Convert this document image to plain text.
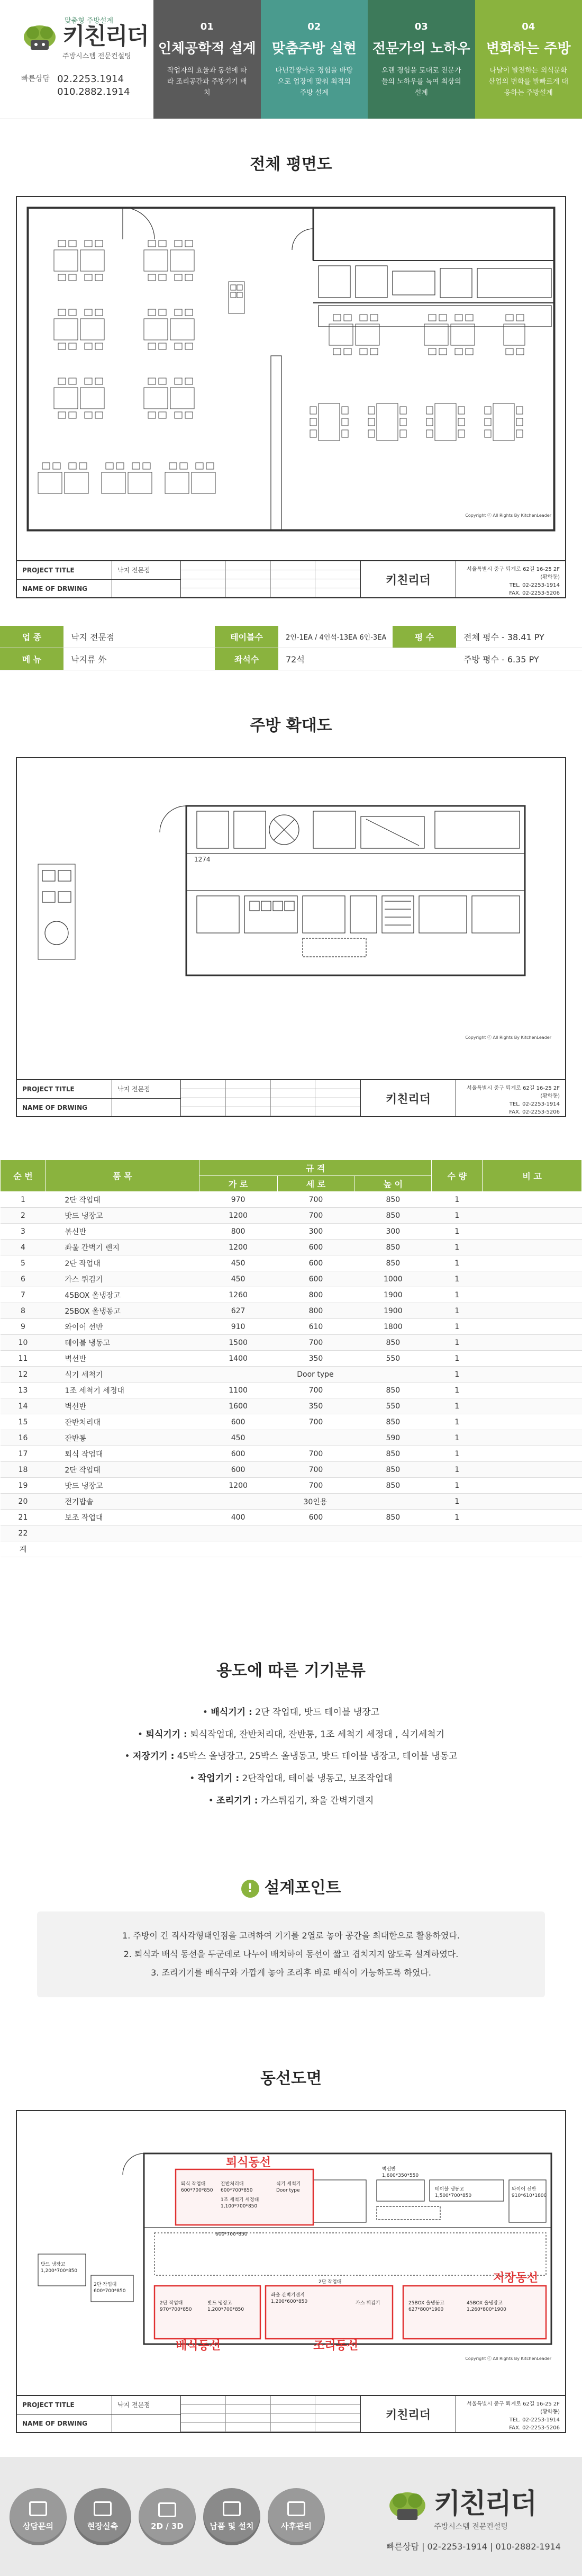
맞춤형 주방설계
키친리더
주방시스템 전문컨설팅
빠른상담 02.2253.1914
010.2882.1914
01
인체공학적 설계
작업자의 효율과 동선에 따라 조리공간과 주방기기 배치
02
맞춤주방 실현
다년간쌓아온 경험을 바탕으로 업장에 맞춰 최적의 주방 설계
03
전문가의 노하우
오랜 경험을 토대로 전문가들의 노하우를 녹여 최상의 설계
04
변화하는 주방
나날이 발전하는 외식문화 산업의 변화를 발빠르게 대응하는 주방설계
전체 평면도
Copyright ⓒ All Rights By KitchenLeader
PROJECT TITLE
NAME OF DRWING
낙지 전문점
키친리더
서울특별시 중구 퇴계로 62길 16-25 2F (황학동)
TEL. 02-2253-1914
FAX. 02-2253-5206
업 종	낙지 전문점	테이블수	2인-1EA / 4인석-13EA 6인-3EA	평 수	전체 평수 - 38.41 PY
메 뉴	낙지류 外	좌석수	72석	주방 평수 - 6.35 PY
주방 확대도
1274
Copyright ⓒ All Rights By KitchenLeader
PROJECT TITLE
NAME OF DRWING
낙지 전문점
키친리더
서울특별시 중구 퇴계로 62길 16-25 2F (황학동)
TEL. 02-2253-1914
FAX. 02-2253-5206
순 번	품 목	규 격			수 량	비 고
		가 로	세 로	높 이		
1	2단 작업대	970	700	850	1	
2	밧드 냉장고	1200	700	850	1	
3	볶신반	800	300	300	1	
4	좌울 간벽기 렌지	1200	600	850	1	
5	2단 작업대	450	600	850	1	
6	가스 튀김기	450	600	1000	1	
7	45BOX 올냉장고	1260	800	1900	1	
8	25BOX 올냉동고	627	800	1900	1	
9	와이어 선반	910	610	1800	1	
10	테이블 냉동고	1500	700	850	1	
11	벽선반	1400	350	550	1	
12	식기 세척기	Door type			1	
13	1조 세척기 세정대	1100	700	850	1	
14	벽선반	1600	350	550	1	
15	잔반처리대	600	700	850	1	
16	잔반통	450		590	1	
17	퇴식 작업대	600	700	850	1	
18	2단 작업대	600	700	850	1	
19	밧드 냉장고	1200	700	850	1	
20	전기밥솥	30인용			1	
21	보조 작업대	400	600	850	1	
22						
계						
용도에 따른 기기분류
• 배식기기 : 2단 작업대, 밧드 테이블 냉장고
• 퇴식기기 : 퇴식작업대, 잔반처리대, 잔반통, 1조 세척기 세정대 , 식기세척기
• 저장기기 : 45박스 올냉장고, 25박스 올냉동고, 밧드 테이블 냉장고, 테이블 냉동고
• 작업기기 : 2단작업대, 테이블 냉동고, 보조작업대
• 조리기기 : 가스튀김기, 좌울 간벽기렌지
! 설계포인트
1. 주방이 긴 직사각형태인점을 고려하여 기기를 2열로 놓아 공간을 최대한으로 활용하였다.
2. 퇴식과 배식 동선을 두군데로 나누어 배치하여 동선이 짧고 겹치지지 않도록 설계하였다.
3. 조리기기를 배식구와 가깝게 놓아 조리후 바로 배식이 가능하도록 하였다.
동선도면
퇴식 작업대
600*700*850
잔반처리대
600*700*850
1조 세척기 세정대
1,100*700*850
식기 세척기
Door type
벽선반
1,600*350*550
테이블 냉동고
1,500*700*850
와이어 선반
910*610*1800
600*700*850
2단 작업대
970*700*850
밧드 냉장고
1,200*700*850
좌울 간벽기렌지
1,200*600*850
2단 작업대
가스 튀김기	25BOX 올냉동고
627*800*1900
45BOX 올냉장고
1,260*800*1900
밧드 냉장고
1,200*700*850
2단 작업대
600*700*850
퇴식동선
배식동선	조리동선
저장동선
Copyright ⓒ All Rights By KitchenLeader
PROJECT TITLE
NAME OF DRWING
낙지 전문점
키친리더
서울특별시 중구 퇴계로 62길 16-25 2F (황학동)
TEL. 02-2253-1914
FAX. 02-2253-5206
상담문의	현장실측	2D / 3D	납품 및 설치	사후관리
키친리더
주방시스템 전문컨설팅
빠른상담 | 02-2253-1914 | 010-2882-1914
